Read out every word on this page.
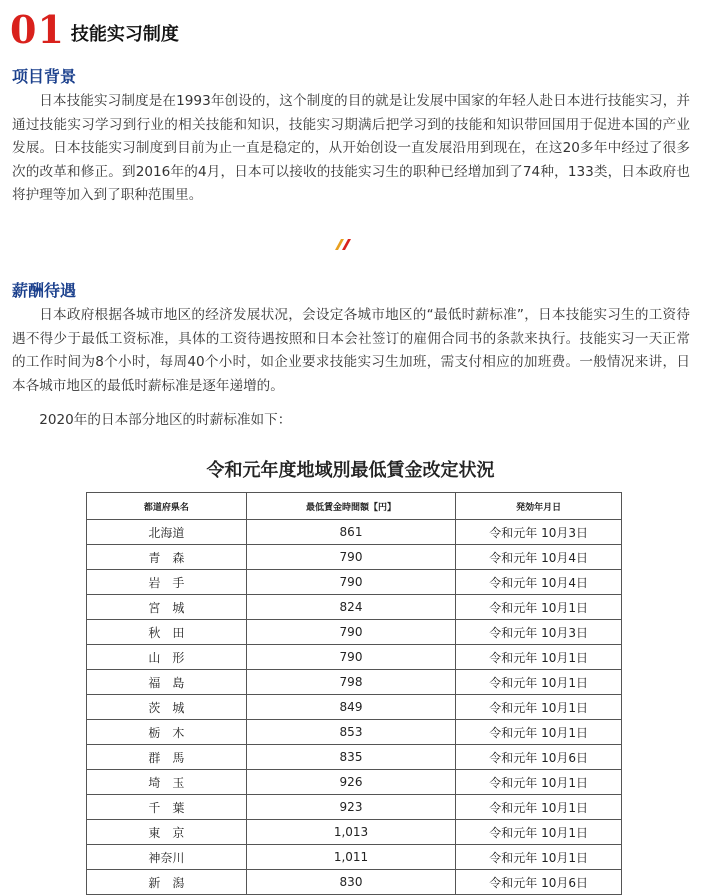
01 技能实习制度
项目背景
日本技能实习制度是在1993年创设的，这个制度的目的就是让发展中国家的年轻人赴日本进行技能实习，并通过技能实习学习到行业的相关技能和知识，技能实习期满后把学习到的技能和知识带回国用于促进本国的产业发展。日本技能实习制度到目前为止一直是稳定的，从开始创设一直发展沿用到现在，在这20多年中经过了很多次的改革和修正。到2016年的4月，日本可以接收的技能实习生的职种已经增加到了74种，133类，日本政府也将护理等加入到了职种范围里。
薪酬待遇
日本政府根据各城市地区的经济发展状况，会设定各城市地区的“最低时薪标准”，日本技能实习生的工资待遇不得少于最低工资标准，具体的工资待遇按照和日本会社签订的雇佣合同书的条款来执行。技能实习一天正常的工作时间为8个小时，每周40个小时，如企业要求技能实习生加班，需支付相应的加班费。一般情况来讲，日本各城市地区的最低时薪标准是逐年递增的。
2020年的日本部分地区的时薪标准如下：
令和元年度地域別最低賃金改定状況
都道府県名	最低賃金時間額【円】	発効年月日
北海道	861	令和元年 10月3日
青　森	790	令和元年 10月4日
岩　手	790	令和元年 10月4日
宮　城	824	令和元年 10月1日
秋　田	790	令和元年 10月3日
山　形	790	令和元年 10月1日
福　島	798	令和元年 10月1日
茨　城	849	令和元年 10月1日
栃　木	853	令和元年 10月1日
群　馬	835	令和元年 10月6日
埼　玉	926	令和元年 10月1日
千　葉	923	令和元年 10月1日
東　京	1,013	令和元年 10月1日
神奈川	1,011	令和元年 10月1日
新　潟	830	令和元年 10月6日
